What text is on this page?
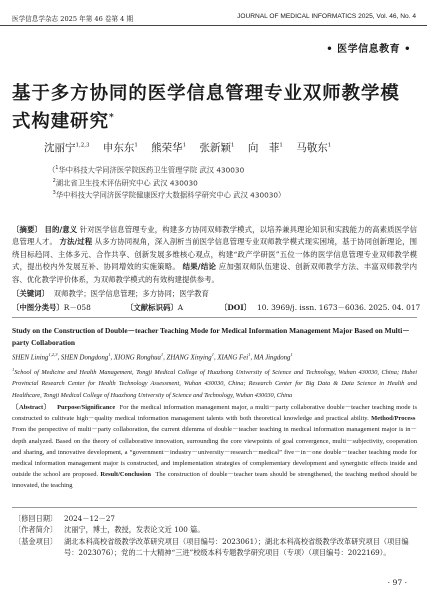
医学信息学杂志 2025 年第 46 卷第 4 期	JOURNAL OF MEDICAL INFORMATICS 2025, Vol. 46, No. 4
• 医学信息教育 •
基于多方协同的医学信息管理专业双师教学模式构建研究*
沈丽宁$^{1,2,3}$ 申东东$^1$ 熊荣华$^1$ 张新颖$^1$ 向　菲$^1$ 马敬东$^1$
（$^1$华中科技大学同济医学院医药卫生管理学院 武汉 430030
$^2$湖北省卫生技术评估研究中心 武汉 430030
$^3$华中科技大学同济医学院健康医疗大数据科学研究中心 武汉 430030）
〔摘要〕 目的/意义 针对医学信息管理专业，构建多方协同双师教学模式，以培养兼具理论知识和实践能力的高素质医学信息管理人才。 方法/过程 从多方协同视角，深入剖析当前医学信息管理专业双师教学模式现实困境，基于协同创新理论，围绕目标趋同、主体多元、合作共享、创新发展多维核心观点，构建“政产学研医”五位一体的医学信息管理专业双师教学模式，提出校内外发展互补、协同增效的实施策略。 结果/结论 应加强双师队伍建设、创新双师教学方法、丰富双师教学内容、优化教学评价体系，为双师教学模式的有效构建提供参考。
〔关键词〕 双师教学；医学信息管理；多方协同；医学教育
〔中图分类号〕R－058	〔文献标识码〕A	〔DOI〕 10. 3969/j. issn. 1673－6036. 2025. 04. 017
Study on the Construction of Double－teacher Teaching Mode for Medical Information Management Major Based on Multi－party Collaboration
SHEN Lining$^{1,2,3}$, SHEN Dongdong$^1$, XIONG Ronghua$^1$, ZHANG Xinying$^1$, XIANG Fei$^1$, MA Jingdong$^1$
$^1$School of Medicine and Health Management, Tongji Medical College of Huazhong University of Science and Technology, Wuhan 430030, China; Hubei Provincial Research Center for Health Technology Assessment, Wuhan 430030, China; Research Center for Big Data & Data Science in Health and Healthcare, Tongji Medical College of Huazhong University of Science and Technology, Wuhan 430030, China
〔Abstract〕 Purpose/Significance For the medical information management major, a multi－party collaborative double－teacher teaching mode is constructed to cultivate high－quality medical information management talents with both theoretical knowledge and practical ability. Method/Process  From the perspective of multi－party collaboration, the current dilemma of double－teacher teaching in medical information management major is in－depth analyzed. Based on the theory of collaborative innovation, surrounding the core viewpoints of goal convergence, multi－subjectivity, cooperation and sharing, and innovative development, a “government－industry－university－research－medical” five－in－one double－teacher teaching mode for medical information management major is constructed, and implementation strategies of complementary development and synergistic effects inside and outside the school are proposed. Result/Conclusion The construction of double－teacher team should be strengthened, the teaching method should be innovated, the teaching
〔修回日期〕 2024－12－27
〔作者简介〕 沈丽宁，博士，教授，发表论文近 100 篇。
〔基金项目〕 湖北本科高校省级教学改革研究项目（项目编号：2023061）；湖北本科高校省级教学改革研究项目（项目编
号：2023076）；党的二十大精神“三进”校级本科专题教学研究项目（专项）（项目编号：2022169）。
· 97 ·
